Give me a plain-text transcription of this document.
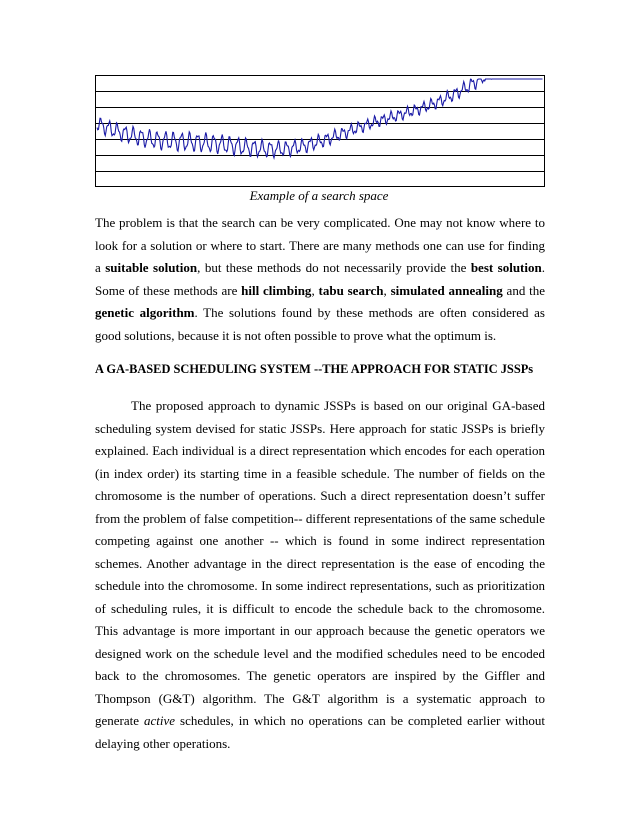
Example of a search space
The problem is that the search can be very complicated. One may not know where to look for a solution or where to start. There are many methods one can use for finding a suitable solution, but these methods do not necessarily provide the best solution. Some of these methods are hill climbing, tabu search, simulated annealing and the genetic algorithm. The solutions found by these methods are often considered as good solutions, because it is not often possible to prove what the optimum is.
A GA-BASED SCHEDULING SYSTEM --THE APPROACH FOR STATIC JSSPs
The proposed approach to dynamic JSSPs is based on our original GA-based scheduling system devised for static JSSPs. Here approach for static JSSPs is briefly explained. Each individual is a direct representation which encodes for each operation (in index order) its starting time in a feasible schedule. The number of fields on the chromosome is the number of operations. Such a direct representation doesn’t suffer from the problem of false competition-- different representations of the same schedule competing against one another -- which is found in some indirect representation schemes. Another advantage in the direct representation is the ease of encoding the schedule into the chromosome. In some indirect representations, such as prioritization of scheduling rules, it is difficult to encode the schedule back to the chromosome. This advantage is more important in our approach because the genetic operators we designed work on the schedule level and the modified schedules need to be encoded back to the chromosomes. The genetic operators are inspired by the Giffler and Thompson (G&T) algorithm. The G&T algorithm is a systematic approach to generate active schedules, in which no operations can be completed earlier without delaying other operations.
